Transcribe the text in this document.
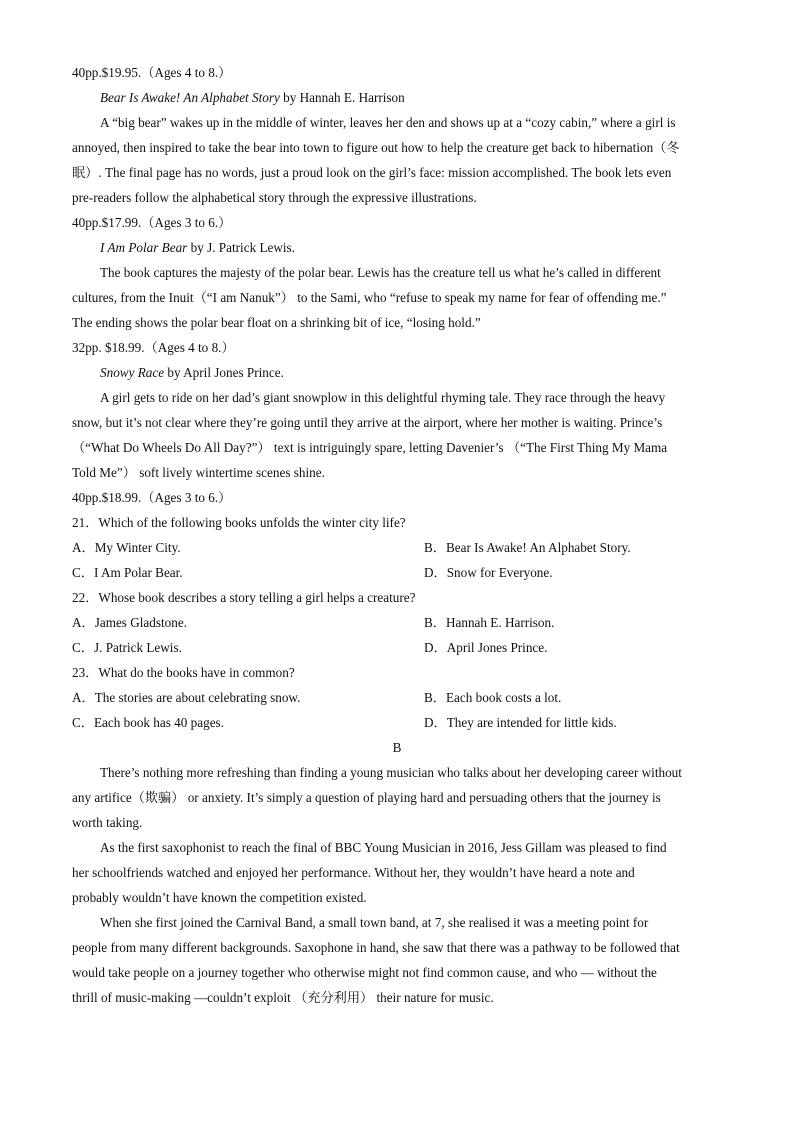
40pp.$19.95.（Ages 4 to 8.）
Bear Is Awake! An Alphabet Story by Hannah E. Harrison
A “big bear” wakes up in the middle of winter, leaves her den and shows up at a “cozy cabin,” where a girl is
annoyed, then inspired to take the bear into town to figure out how to help the creature get back to hibernation（冬
眠）. The final page has no words, just a proud look on the girl’s face: mission accomplished. The book lets even
pre-readers follow the alphabetical story through the expressive illustrations.
40pp.$17.99.（Ages 3 to 6.）
I Am Polar Bear by J. Patrick Lewis.
The book captures the majesty of the polar bear. Lewis has the creature tell us what he’s called in different
cultures, from the Inuit（“I am Nanuk”） to the Sami, who “refuse to speak my name for fear of offending me.”
The ending shows the polar bear float on a shrinking bit of ice, “losing hold.”
32pp. $18.99.（Ages 4 to 8.）
Snowy Race by April Jones Prince.
A girl gets to ride on her dad’s giant snowplow in this delightful rhyming tale. They race through the heavy
snow, but it’s not clear where they’re going until they arrive at the airport, where her mother is waiting. Prince’s
（“What Do Wheels Do All Day?”） text is intriguingly spare, letting Davenier’s （“The First Thing My Mama
Told Me”） soft lively wintertime scenes shine.
40pp.$18.99.（Ages 3 to 6.）
21．Which of the following books unfolds the winter city life?
A．My Winter City.	B．Bear Is Awake! An Alphabet Story.
C．I Am Polar Bear.	D．Snow for Everyone.
22．Whose book describes a story telling a girl helps a creature?
A．James Gladstone.	B．Hannah E. Harrison.
C．J. Patrick Lewis.	D．April Jones Prince.
23．What do the books have in common?
A．The stories are about celebrating snow.	B．Each book costs a lot.
C．Each book has 40 pages.	D．They are intended for little kids.
B
There’s nothing more refreshing than finding a young musician who talks about her developing career without
any artifice（欺骗） or anxiety. It’s simply a question of playing hard and persuading others that the journey is
worth taking.
As the first saxophonist to reach the final of BBC Young Musician in 2016, Jess Gillam was pleased to find
her schoolfriends watched and enjoyed her performance. Without her, they wouldn’t have heard a note and
probably wouldn’t have known the competition existed.
When she first joined the Carnival Band, a small town band, at 7, she realised it was a meeting point for
people from many different backgrounds. Saxophone in hand, she saw that there was a pathway to be followed that
would take people on a journey together who otherwise might not find common cause, and who — without the
thrill of music-making —couldn’t exploit （充分利用） their nature for music.
